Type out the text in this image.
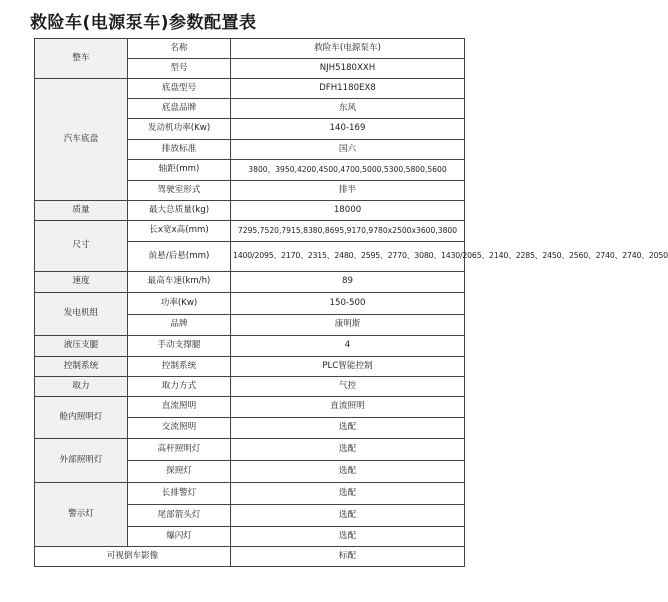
救险车(电源泵车)参数配置表
整车	名称	救险车(电源泵车)
	型号	NJH5180XXH
汽车底盘	底盘型号	DFH1180EX8
	底盘品牌	东风
	发动机功率(Kw)	140-169
	排放标准	国六
	轴距(mm)	3800，3950,4200,4500,4700,5000,5300,5800,5600
	驾驶室形式	排半
质量	最大总质量(kg)	18000
尺寸	长x宽x高(mm)	7295,7520,7915,8380,8695,9170,9780x2500x3600,3800
	前悬/后悬(mm)	1400/2095、2170、2315、2480、2595、2770、3080、1430/2065、2140、2285、2450、2560、2740、2740、2050
速度	最高车速(km/h)	89
发电机组	功率(Kw)	150-500
	品牌	康明斯
液压支腿	手动支撑腿	4
控制系统	控制系统	PLC智能控制
取力	取力方式	气控
舱内照明灯	直流照明	直流照明
	交流照明	选配
外部照明灯	高杆照明灯	选配
	探照灯	选配
警示灯	长排警灯	选配
	尾部箭头灯	选配
	爆闪灯	选配
可视倒车影像		标配
